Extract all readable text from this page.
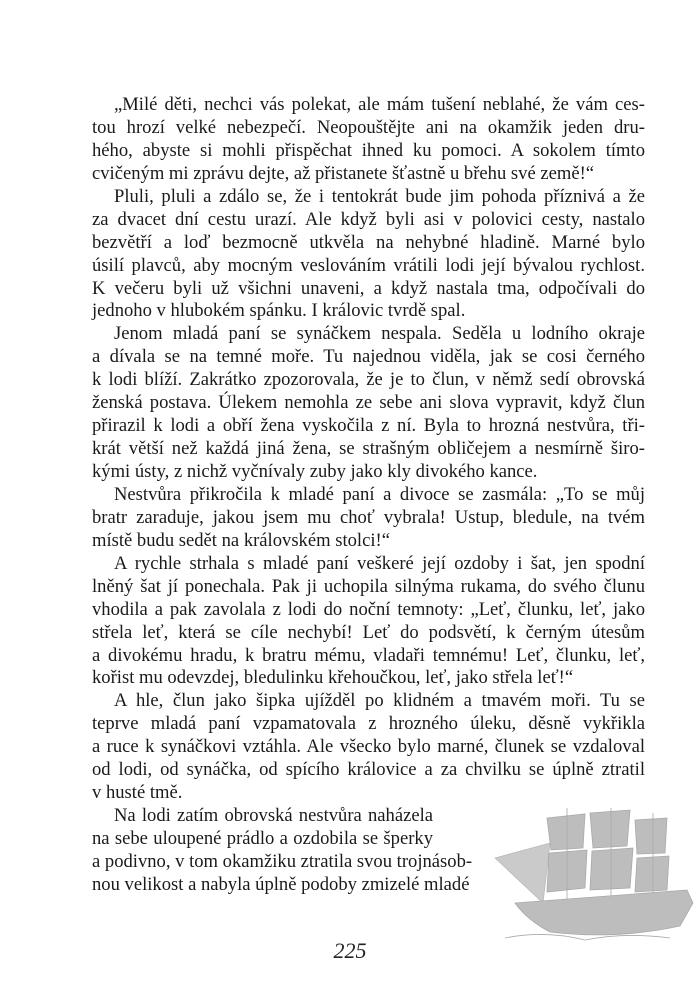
„Milé děti, nechci vás polekat, ale mám tušení neblahé, že vám ces-
tou hrozí velké nebezpečí. Neopouštějte ani na okamžik jeden dru-
hého, abyste si mohli přispěchat ihned ku pomoci. A sokolem tímto
cvičeným mi zprávu dejte, až přistanete šťastně u břehu své země!“
Pluli, pluli a zdálo se, že i tentokrát bude jim pohoda příznivá a že
za dvacet dní cestu urazí. Ale když byli asi v polovici cesty, nastalo
bezvětří a loď bezmocně utkvěla na nehybné hladině. Marné bylo
úsilí plavců, aby mocným veslováním vrátili lodi její bývalou rychlost.
K večeru byli už všichni unaveni, a když nastala tma, odpočívali do
jednoho v hlubokém spánku. I královic tvrdě spal.
Jenom mladá paní se synáčkem nespala. Seděla u lodního okraje
a dívala se na temné moře. Tu najednou viděla, jak se cosi černého
k lodi blíží. Zakrátko zpozorovala, že je to člun, v němž sedí obrovská
ženská postava. Úlekem nemohla ze sebe ani slova vypravit, když člun
přirazil k lodi a obří žena vyskočila z ní. Byla to hrozná nestvůra, tři-
krát větší než každá jiná žena, se strašným obličejem a nesmírně širo-
kými ústy, z nichž vyčnívaly zuby jako kly divokého kance.
Nestvůra přikročila k mladé paní a divoce se zasmála: „To se můj
bratr zaraduje, jakou jsem mu choť vybrala! Ustup, bledule, na tvém
místě budu sedět na královském stolci!“
A rychle strhala s mladé paní veškeré její ozdoby i šat, jen spodní
lněný šat jí ponechala. Pak ji uchopila silnýma rukama, do svého člunu
vhodila a pak zavolala z lodi do noční temnoty: „Leť, člunku, leť, jako
střela leť, která se cíle nechybí! Leť do podsvětí, k černým útesům
a divokému hradu, k bratru mému, vladaři temnému! Leť, člunku, leť,
kořist mu odevzdej, bledulinku křehoučkou, leť, jako střela leť!“
A hle, člun jako šipka ujížděl po klidném a tmavém moři. Tu se
teprve mladá paní vzpamatovala z hrozného úleku, děsně vykřikla
a ruce k synáčkovi vztáhla. Ale všecko bylo marné, člunek se vzdaloval
od lodi, od synáčka, od spícího královice a za chvilku se úplně ztratil
v husté tmě.
Na lodi zatím obrovská nestvůra naházela
na sebe uloupené prádlo a ozdobila se šperky
a podivno, v tom okamžiku ztratila svou trojnásob-
nou velikost a nabyla úplně podoby zmizelé mladé
225
